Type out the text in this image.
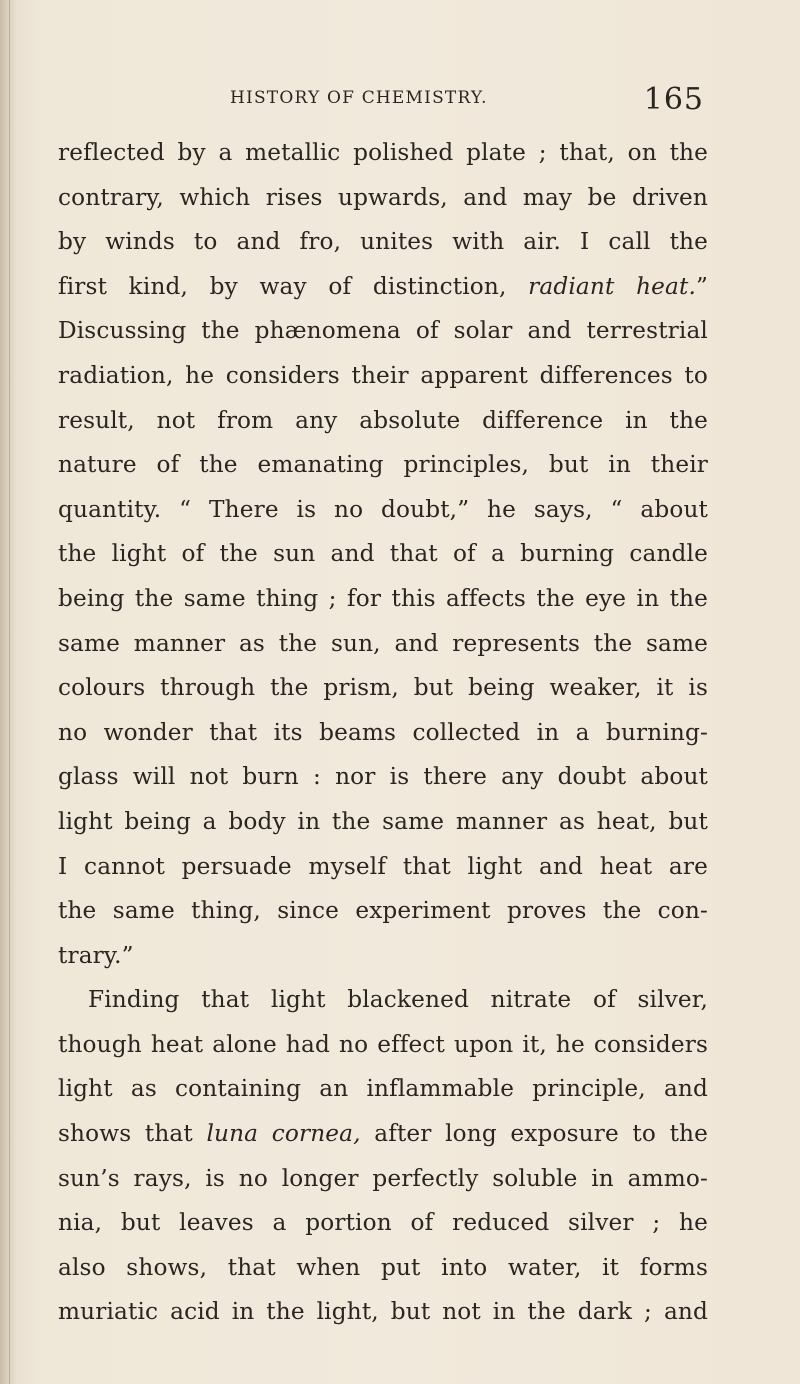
HISTORY OF CHEMISTRY.	165
reflected by a metallic polished plate ; that, on the
contrary, which rises upwards, and may be driven
by winds to and fro, unites with air. I call the
first kind, by way of distinction, radiant heat.”
Discussing the phænomena of solar and terrestrial
radiation, he considers their apparent differences to
result, not from any absolute difference in the
nature of the emanating principles, but in their
quantity. “ There is no doubt,” he says, “ about
the light of the sun and that of a burning candle
being the same thing ; for this affects the eye in the
same manner as the sun, and represents the same
colours through the prism, but being weaker, it is
no wonder that its beams collected in a burning-
glass will not burn : nor is there any doubt about
light being a body in the same manner as heat, but
I cannot persuade myself that light and heat are
the same thing, since experiment proves the con-
trary.”
Finding that light blackened nitrate of silver,
though heat alone had no effect upon it, he considers
light as containing an inflammable principle, and
shows that luna cornea, after long exposure to the
sun’s rays, is no longer perfectly soluble in ammo-
nia, but leaves a portion of reduced silver ; he
also shows, that when put into water, it forms
muriatic acid in the light, but not in the dark ; and
